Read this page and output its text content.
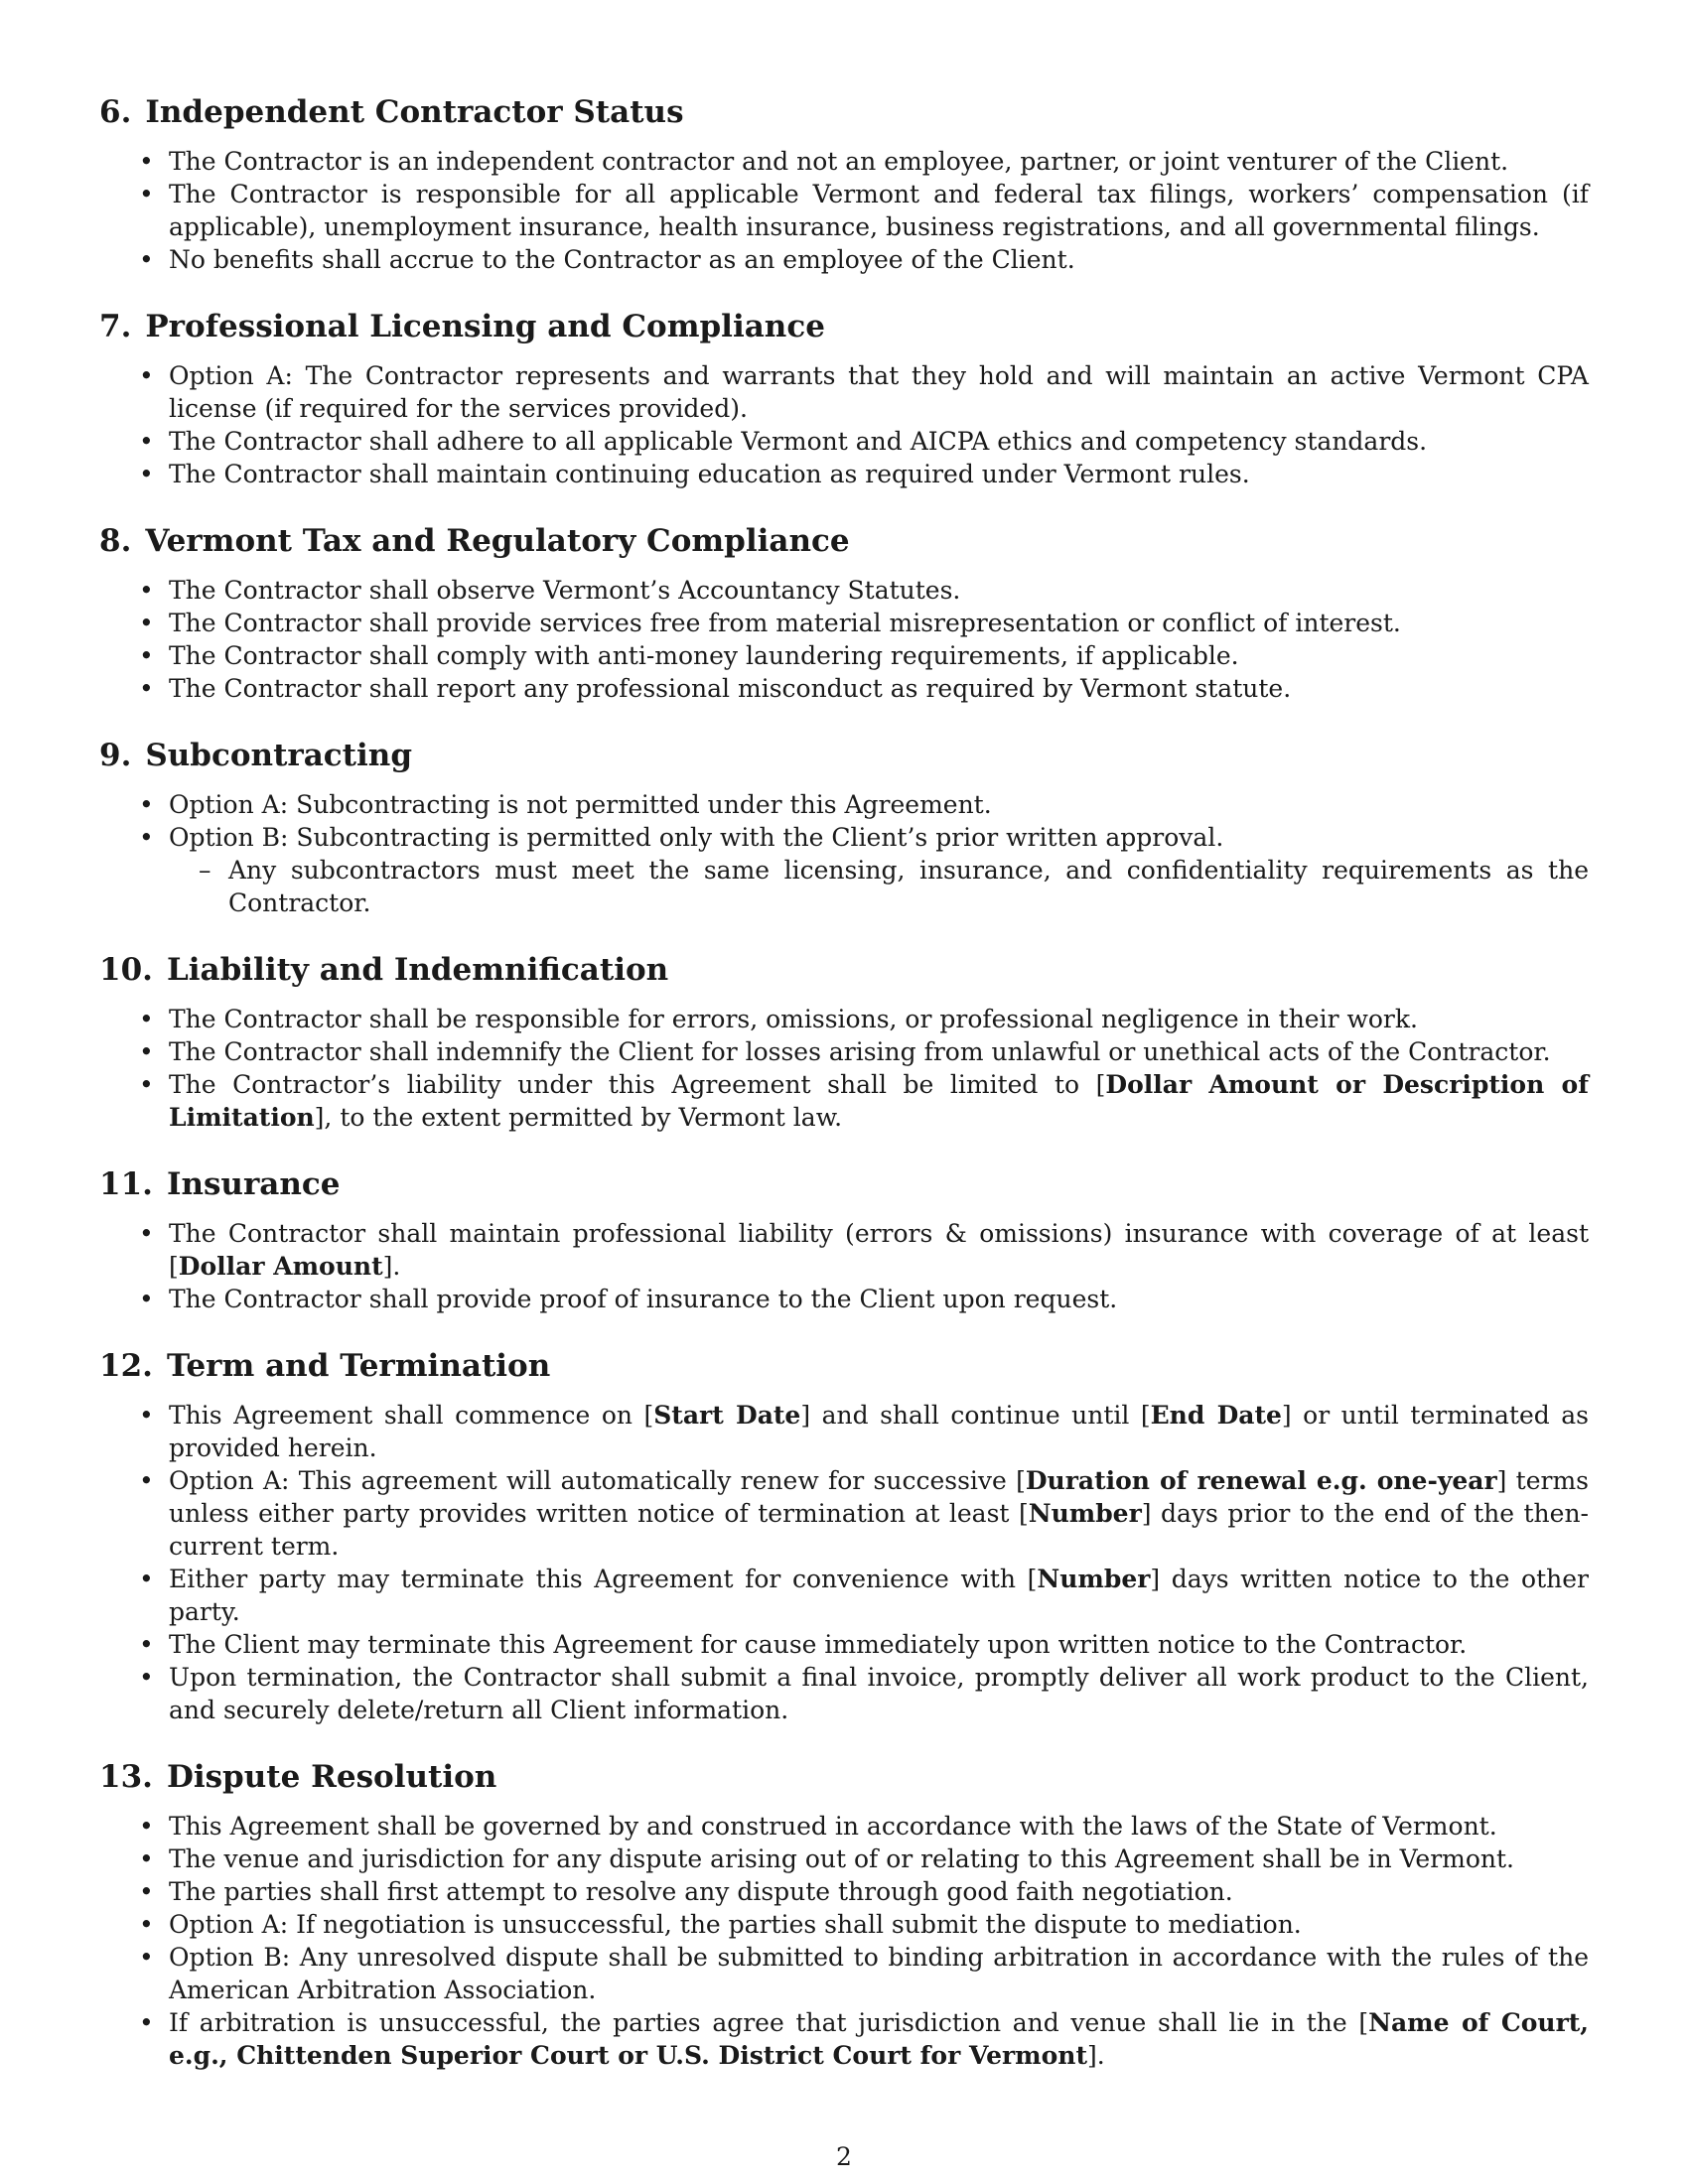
6. Independent Contractor Status
• The Contractor is an independent contractor and not an employee, partner, or joint venturer of the Client.
• The Contractor is responsible for all applicable Vermont and federal tax filings, workers’ compensation (if applicable), unemployment insurance, health insurance, business registrations, and all governmental filings.
• No benefits shall accrue to the Contractor as an employee of the Client.
7. Professional Licensing and Compliance
• Option A: The Contractor represents and warrants that they hold and will maintain an active Vermont CPA license (if required for the services provided).
• The Contractor shall adhere to all applicable Vermont and AICPA ethics and competency standards.
• The Contractor shall maintain continuing education as required under Vermont rules.
8. Vermont Tax and Regulatory Compliance
• The Contractor shall observe Vermont’s Accountancy Statutes.
• The Contractor shall provide services free from material misrepresentation or conflict of interest.
• The Contractor shall comply with anti-money laundering requirements, if applicable.
• The Contractor shall report any professional misconduct as required by Vermont statute.
9. Subcontracting
• Option A: Subcontracting is not permitted under this Agreement.
• Option B: Subcontracting is permitted only with the Client’s prior written approval.
– Any subcontractors must meet the same licensing, insurance, and confidentiality requirements as the Contractor.
10. Liability and Indemnification
• The Contractor shall be responsible for errors, omissions, or professional negligence in their work.
• The Contractor shall indemnify the Client for losses arising from unlawful or unethical acts of the Contractor.
• The Contractor’s liability under this Agreement shall be limited to [Dollar Amount or Description of Limitation], to the extent permitted by Vermont law.
11. Insurance
• The Contractor shall maintain professional liability (errors & omissions) insurance with coverage of at least [Dollar Amount].
• The Contractor shall provide proof of insurance to the Client upon request.
12. Term and Termination
• This Agreement shall commence on [Start Date] and shall continue until [End Date] or until terminated as provided herein.
• Option A: This agreement will automatically renew for successive [Duration of renewal e.g. one-year] terms unless either party provides written notice of termination at least [Number] days prior to the end of the then-current term.
• Either party may terminate this Agreement for convenience with [Number] days written notice to the other party.
• The Client may terminate this Agreement for cause immediately upon written notice to the Contractor.
• Upon termination, the Contractor shall submit a final invoice, promptly deliver all work product to the Client, and securely delete/return all Client information.
13. Dispute Resolution
• This Agreement shall be governed by and construed in accordance with the laws of the State of Vermont.
• The venue and jurisdiction for any dispute arising out of or relating to this Agreement shall be in Vermont.
• The parties shall first attempt to resolve any dispute through good faith negotiation.
• Option A: If negotiation is unsuccessful, the parties shall submit the dispute to mediation.
• Option B: Any unresolved dispute shall be submitted to binding arbitration in accordance with the rules of the American Arbitration Association.
• If arbitration is unsuccessful, the parties agree that jurisdiction and venue shall lie in the [Name of Court, e.g., Chittenden Superior Court or U.S. District Court for Vermont].
2
